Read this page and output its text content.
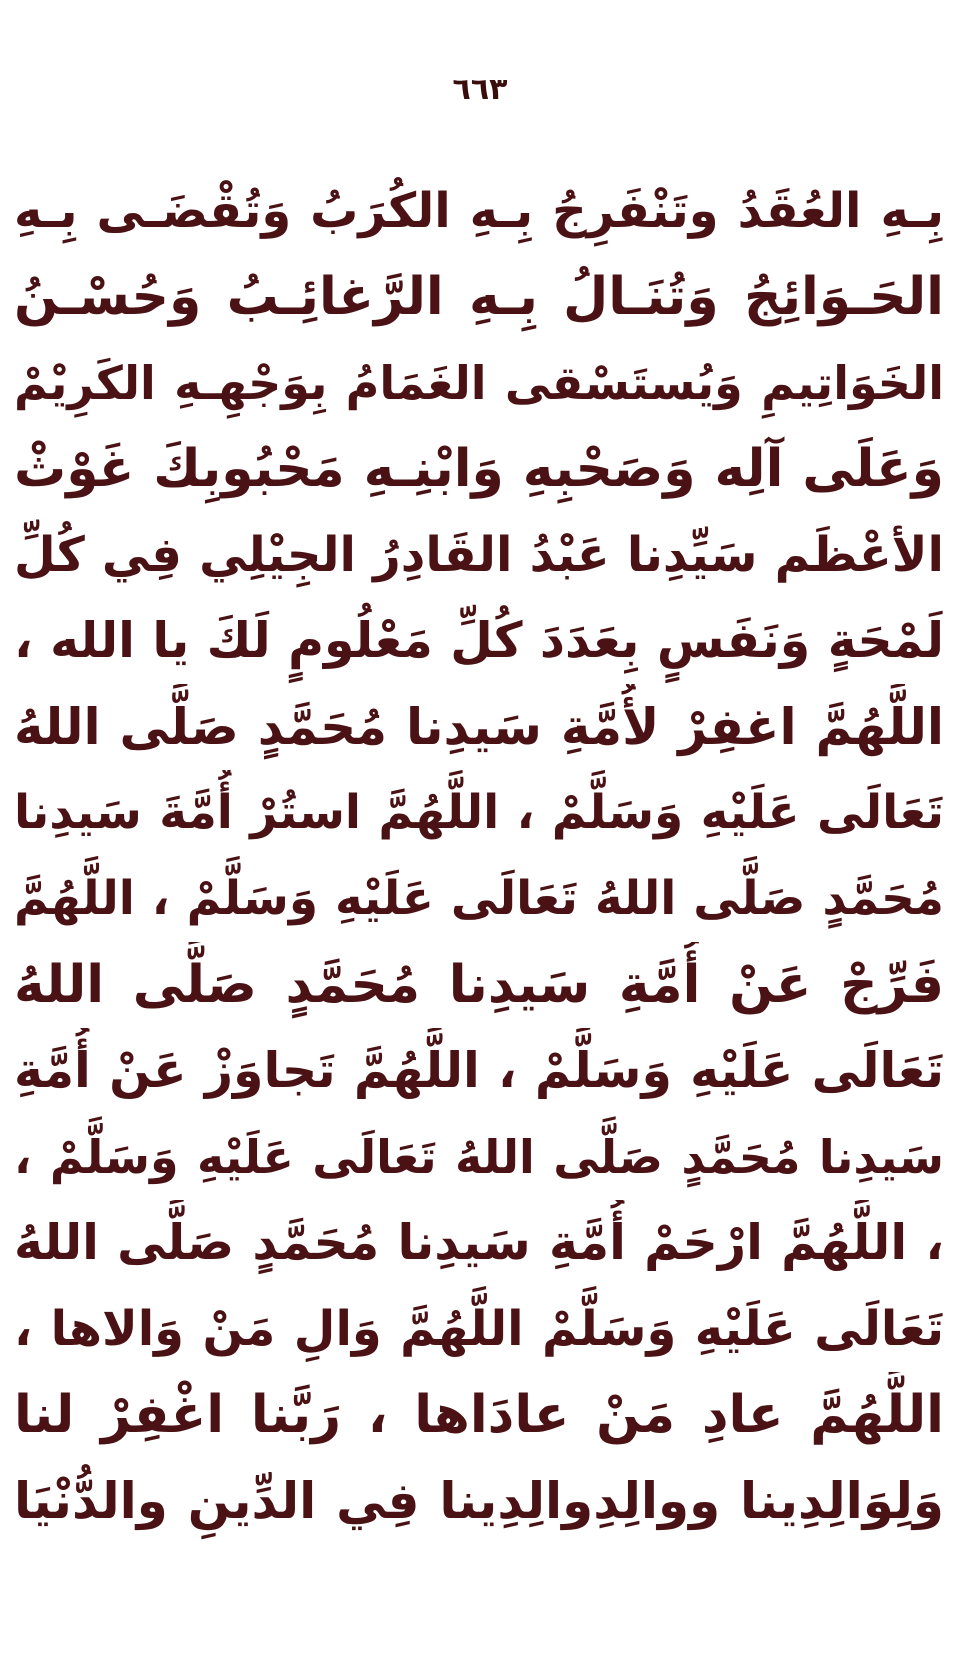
٦٦٣
بِـهِ العُقَدُ وتَنْفَرِجُ بِـهِ الكُرَبُ وَتُقْضَـى بِـهِ
الحَـوَائِجُ وَتُنَـالُ بِـهِ الرَّغائِـبُ وَحُسْـنُ
الخَوَاتِيمِ وَيُستَسْقى الغَمَامُ بِوَجْهِـهِ الكَرِيْمْ
وَعَلَى آلِه وَصَحْبِهِ وَابْنِـهِ مَحْبُوبِكَ غَوْثْ
الأعْظَم سَيِّدِنا عَبْدُ القَادِرُ الجِيْلِي فِي كُلِّ
لَمْحَةٍ وَنَفَسٍ بِعَدَدَ كُلِّ مَعْلُومٍ لَكَ يا الله ،
اللَّهُمَّ اغفِرْ لأُمَّةِ سَيدِنا مُحَمَّدٍ صَلَّى اللهُ
تَعَالَى عَلَيْهِ وَسَلَّمْ ، اللَّهُمَّ استُرْ أُمَّةَ سَيدِنا
مُحَمَّدٍ صَلَّى اللهُ تَعَالَى عَلَيْهِ وَسَلَّمْ ، اللَّهُمَّ
فَرِّجْ عَنْ أُمَّةِ سَيدِنا مُحَمَّدٍ صَلَّى اللهُ
تَعَالَى عَلَيْهِ وَسَلَّمْ ، اللَّهُمَّ تَجاوَزْ عَنْ أُمَّةِ
سَيدِنا مُحَمَّدٍ صَلَّى اللهُ تَعَالَى عَلَيْهِ وَسَلَّمْ ،
، اللَّهُمَّ ارْحَمْ أُمَّةِ سَيدِنا مُحَمَّدٍ صَلَّى اللهُ
تَعَالَى عَلَيْهِ وَسَلَّمْ اللَّهُمَّ وَالِ مَنْ وَالاها ،
اللَّهُمَّ عادِ مَنْ عادَاها ، رَبَّنا اغْفِرْ لنا
وَلِوَالِدِينا ووالِدِوالِدِينا فِي الدِّينِ والدُّنْيَا
